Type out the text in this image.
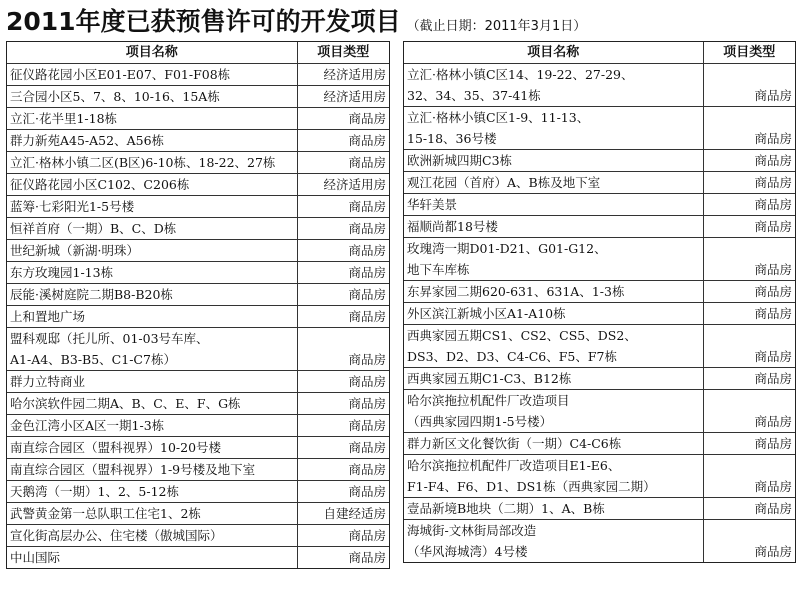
2011年度已获预售许可的开发项目 （截止日期：2011年3月1日）
项目名称	项目类型

征仪路花园小区E01-E07、F01-F08栋	经济适用房

三合园小区5、7、8、10-16、15A栋	经济适用房

立汇·花半里1-18栋	商品房

群力新苑A45-A52、A56栋	商品房

立汇·格林小镇二区(B区)6-10栋、18-22、27栋	商品房

征仪路花园小区C102、C206栋	经济适用房

蓝筹·七彩阳光1-5号楼	商品房

恒祥首府（一期）B、C、D栋	商品房

世纪新城（新湖·明珠）	商品房

东方玫瑰园1-13栋	商品房

辰能·溪树庭院二期B8-B20栋	商品房

上和置地广场	商品房

盟科观邸（托儿所、01-03号车库、
A1-A4、B3-B5、C1-C7栋）	商品房

群力立特商业	商品房

哈尔滨软件园二期A、B、C、E、F、G栋	商品房

金色江湾小区A区一期1-3栋	商品房

南直综合园区（盟科视界）10-20号楼	商品房

南直综合园区（盟科视界）1-9号楼及地下室	商品房

天鹅湾（一期）1、2、5-12栋	商品房

武警黄金第一总队职工住宅1、2栋	自建经适房

宣化街高层办公、住宅楼（傲城国际）	商品房

中山国际	商品房
项目名称	项目类型

立汇·格林小镇C区14、19-22、27-29、
32、34、35、37-41栋	商品房

立汇·格林小镇C区1-9、11-13、
15-18、36号楼	商品房

欧洲新城四期C3栋	商品房

观江花园（首府）A、B栋及地下室	商品房

华轩美景	商品房

福顺尚都18号楼	商品房

玫瑰湾一期D01-D21、G01-G12、
地下车库栋	商品房

东昇家园二期620-631、631A、1-3栋	商品房

外区滨江新城小区A1-A10栋	商品房

西典家园五期CS1、CS2、CS5、DS2、
DS3、D2、D3、C4-C6、F5、F7栋	商品房

西典家园五期C1-C3、B12栋	商品房

哈尔滨拖拉机配件厂改造项目
（西典家园四期1-5号楼）	商品房

群力新区文化餐饮街（一期）C4-C6栋	商品房

哈尔滨拖拉机配件厂改造项目E1-E6、
F1-F4、F6、D1、DS1栋（西典家园二期）	商品房

壹品新境B地块（二期）1、A、B栋	商品房

海城街-文林街局部改造
（华风海城湾）4号楼	商品房
